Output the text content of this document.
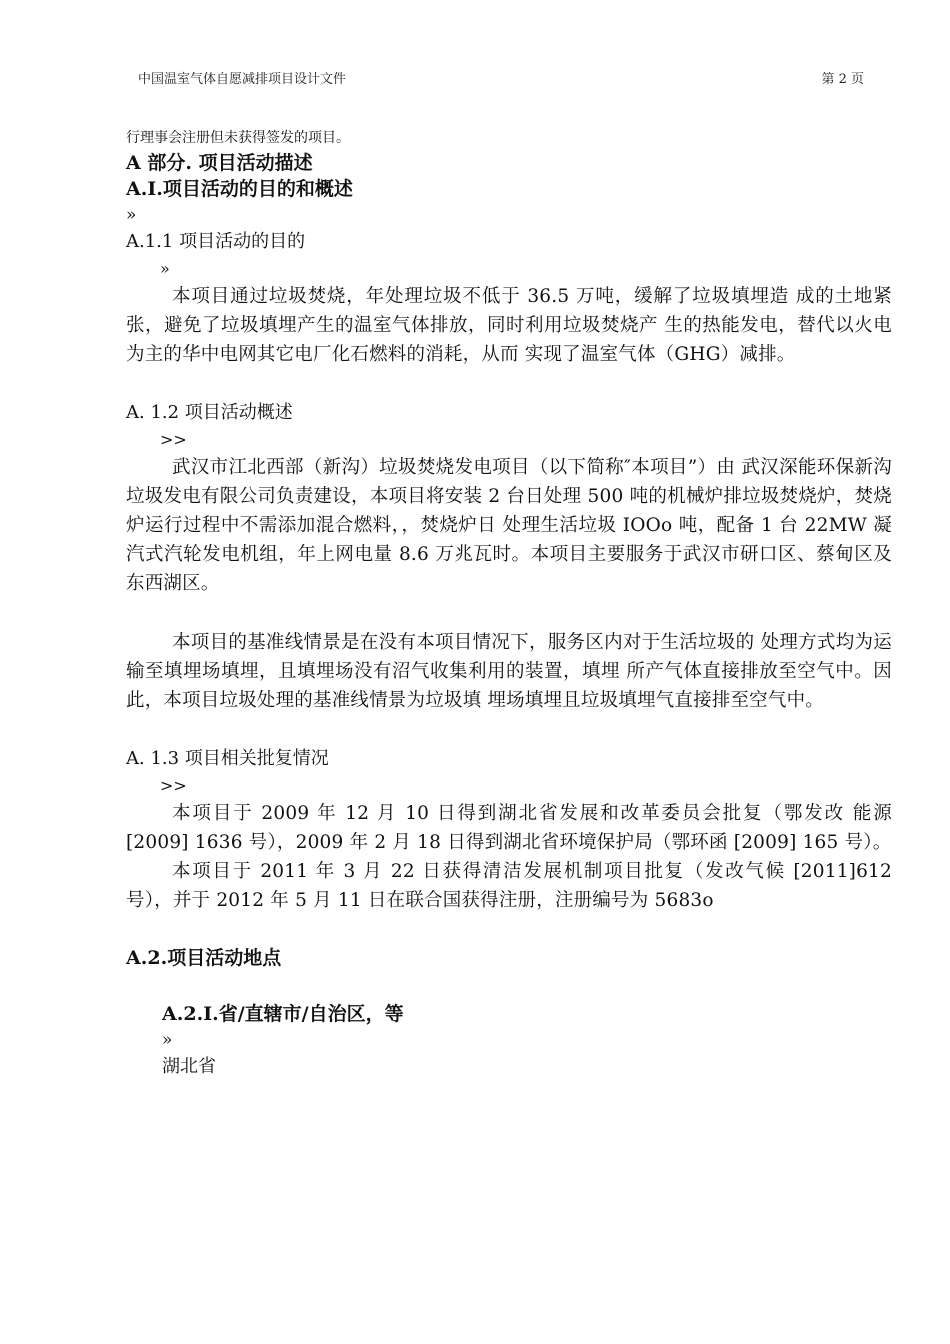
中国温室气体自愿减排项目设计文件	第 2 页
行理事会注册但未获得签发的项目。
A 部分. 项目活动描述
A.I.项目活动的目的和概述
»
A.1.1 项目活动的目的
»

本项目通过垃圾焚烧，年处理垃圾不低于 36.5 万吨，缓解了垃圾填埋造 成的土地紧张，避免了垃圾填埋产生的温室气体排放，同时利用垃圾焚烧产 生的热能发电，替代以火电为主的华中电网其它电厂化石燃料的消耗，从而 实现了温室气体（GHG）减排。

A. 1.2 项目活动概述
>>

武汉市江北西部（新沟）垃圾焚烧发电项目（以下简称″本项目”）由 武汉深能环保新沟垃圾发电有限公司负责建设，本项目将安装 2 台日处理 500 吨的机械炉排垃圾焚烧炉，焚烧炉运行过程中不需添加混合燃料，，焚烧炉日 处理生活垃圾 IOOo 吨，配备 1 台 22MW 凝汽式汽轮发电机组，年上网电量 8.6 万兆瓦时。本项目主要服务于武汉市研口区、蔡甸区及东西湖区。

本项目的基准线情景是在没有本项目情况下，服务区内对于生活垃圾的 处理方式均为运输至填埋场填埋，且填埋场没有沼气收集利用的装置，填埋 所产气体直接排放至空气中。因此，本项目垃圾处理的基准线情景为垃圾填 埋场填埋且垃圾填埋气直接排至空气中。

A. 1.3 项目相关批复情况
>>

本项目于 2009 年 12 月 10 日得到湖北省发展和改革委员会批复（鄂发改 能源[2009] 1636 号），2009 年 2 月 18 日得到湖北省环境保护局（鄂环函 [2009] 165 号）。

本项目于 2011 年 3 月 22 日获得清洁发展机制项目批复（发改气候 [2011]612 号），并于 2012 年 5 月 11 日在联合国获得注册，注册编号为 5683o

A.2.项目活动地点
A.2.I.省/直辖市/自治区，等
»
湖北省
